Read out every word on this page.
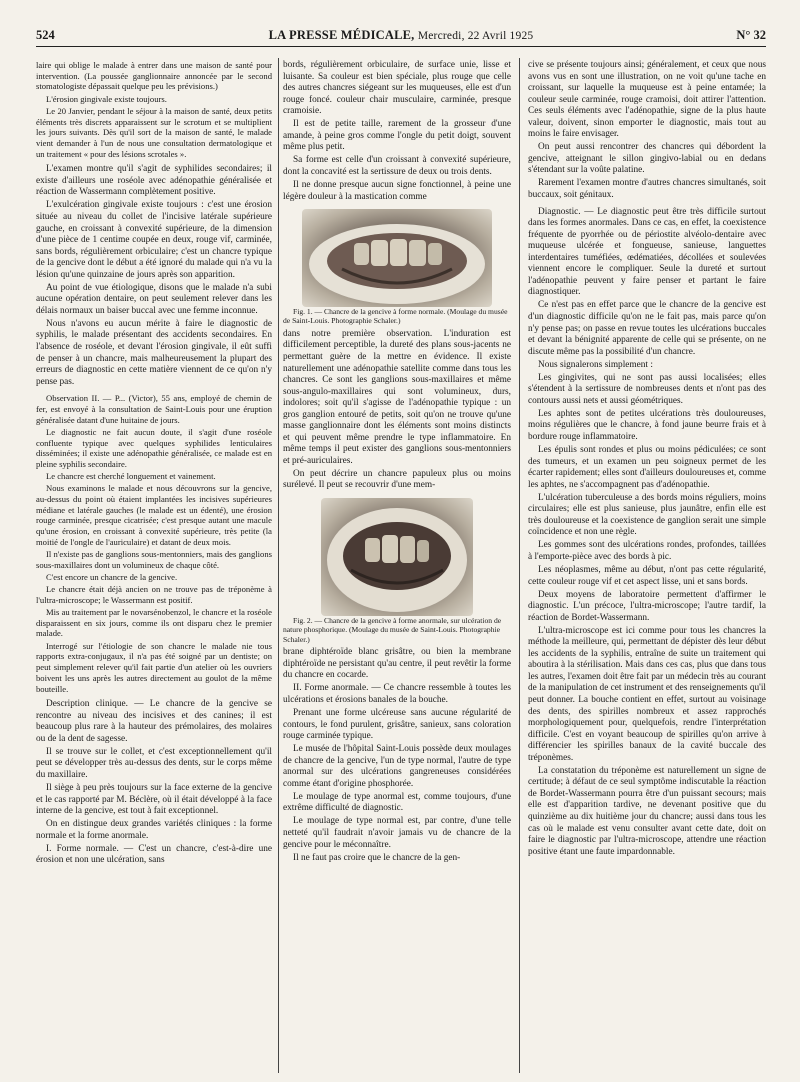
524	LA PRESSE MÉDICALE, Mercredi, 22 Avril 1925	N° 32

laire qui oblige le malade à entrer dans une maison de santé pour intervention. (La poussée ganglionnaire annoncée par le second stomatologiste dépassait quelque peu les prévisions.)

L'érosion gingivale existe toujours.

Le 20 Janvier, pendant le séjour à la maison de santé, deux petits éléments très discrets apparaissent sur le scrotum et se multiplient les jours suivants. Dès qu'il sort de la maison de santé, le malade vient demander à l'un de nous une consultation dermatologique et un traitement « pour des lésions scrotales ».

L'examen montre qu'il s'agit de syphilides secondaires; il existe d'ailleurs une roséole avec adénopathie généralisée et réaction de Wassermann complètement positive.

L'exulcération gingivale existe toujours : c'est une érosion située au niveau du collet de l'incisive latérale supérieure gauche, en croissant à convexité supérieure, de la dimension d'une pièce de 1 centime coupée en deux, rouge vif, carminée, sans bords, régulièrement orbiculaire; c'est un chancre typique de la gencive dont le début a été ignoré du malade qui n'a vu la lésion qu'une quinzaine de jours après son apparition.

Au point de vue étiologique, disons que le malade n'a subi aucune opération dentaire, on peut seulement relever dans les délais normaux un baiser buccal avec une femme inconnue.

Nous n'avons eu aucun mérite à faire le diagnostic de syphilis, le malade présentant des accidents secondaires. En l'absence de roséole, et devant l'érosion gingivale, il eût suffi de penser à un chancre, mais malheureusement la plupart des erreurs de diagnostic en cette matière viennent de ce qu'on n'y pense pas.

Observation II. — P... (Victor), 55 ans, employé de chemin de fer, est envoyé à la consultation de Saint-Louis pour une éruption généralisée datant d'une huitaine de jours.

Le diagnostic ne fait aucun doute, il s'agit d'une roséole confluente typique avec quelques syphilides lenticulaires disséminées; il existe une adénopathie généralisée, ce malade est en pleine syphilis secondaire.

Le chancre est cherché longuement et vainement.

Nous examinons le malade et nous découvrons sur la gencive, au-dessus du point où étaient implantées les incisives supérieures médiane et latérale gauches (le malade est un édenté), une érosion rouge carminée, presque cicatrisée; c'est presque autant une macule qu'une érosion, en croissant à convexité supérieure, très petite (la moitié de l'ongle de l'auriculaire) et datant de deux mois.

Il n'existe pas de ganglions sous-mentonniers, mais des ganglions sous-maxillaires dont un volumineux de chaque côté.

C'est encore un chancre de la gencive.

Le chancre était déjà ancien on ne trouve pas de tréponème à l'ultra-microscope; le Wassermann est positif.

Mis au traitement par le novarsénobenzol, le chancre et la roséole disparaissent en six jours, comme ils ont disparu chez le premier malade.

Interrogé sur l'étiologie de son chancre le malade nie tous rapports extra-conjugaux, il n'a pas été soigné par un dentiste; on peut simplement relever qu'il fait partie d'un atelier où les ouvriers boivent les uns après les autres directement au goulot de la même bouteille.

Description clinique. — Le chancre de la gencive se rencontre au niveau des incisives et des canines; il est beaucoup plus rare à la hauteur des prémolaires, des molaires ou de la dent de sagesse.

Il se trouve sur le collet, et c'est exceptionnellement qu'il peut se développer très au-dessus des dents, sur le corps même du maxillaire.

Il siège à peu près toujours sur la face externe de la gencive et le cas rapporté par M. Béclère, où il était développé à la face interne de la gencive, est tout à fait exceptionnel.

On en distingue deux grandes variétés cliniques : la forme normale et la forme anormale.

I. Forme normale. — C'est un chancre, c'est-à-dire une érosion et non une ulcération, sans

bords, régulièrement orbiculaire, de surface unie, lisse et luisante. Sa couleur est bien spéciale, plus rouge que celle des autres chancres siégeant sur les muqueuses, elle est d'un rouge foncé. couleur chair musculaire, carminée, presque cramoisie.

Il est de petite taille, rarement de la grosseur d'une amande, à peine gros comme l'ongle du petit doigt, souvent même plus petit.

Sa forme est celle d'un croissant à convexité supérieure, dont la concavité est la sertissure de deux ou trois dents.

Il ne donne presque aucun signe fonctionnel, à peine une légère douleur à la mastication comme

Fig. 1. — Chancre de la gencive à forme normale. (Moulage du musée de Saint-Louis. Photographie Schaler.)

dans notre première observation. L'induration est difficilement perceptible, la dureté des plans sous-jacents ne permettant guère de la mettre en évidence. Il existe naturellement une adénopathie satellite comme dans tous les chancres. Ce sont les ganglions sous-maxillaires et même sous-angulo-maxillaires qui sont volumineux, durs, indolores; soit qu'il s'agisse de l'adénopathie typique : un gros ganglion entouré de petits, soit qu'on ne trouve qu'une masse ganglionnaire dont les éléments sont moins distincts et qui peuvent même prendre le type inflammatoire. En même temps il peut exister des ganglions sous-mentonniers et pré-auriculaires.

On peut décrire un chancre papuleux plus ou moins surélevé. Il peut se recouvrir d'une mem-

Fig. 2. — Chancre de la gencive à forme anormale, sur ulcération de nature phosphorique. (Moulage du musée de Saint-Louis. Photographie Schaler.)

brane diphtéroïde blanc grisâtre, ou bien la membrane diphtéroïde ne persistant qu'au centre, il peut revêtir la forme du chancre en cocarde.

II. Forme anormale. — Ce chancre ressemble à toutes les ulcérations et érosions banales de la bouche.

Prenant une forme ulcéreuse sans aucune régularité de contours, le fond purulent, grisâtre, sanieux, sans coloration rouge carminée typique.

Le musée de l'hôpital Saint-Louis possède deux moulages de chancre de la gencive, l'un de type normal, l'autre de type anormal sur des ulcérations gangreneuses considérées comme étant d'origine phosphorée.

Le moulage de type anormal est, comme toujours, d'une extrême difficulté de diagnostic.

Le moulage de type normal est, par contre, d'une telle netteté qu'il faudrait n'avoir jamais vu de chancre de la gencive pour le méconnaître.

Il ne faut pas croire que le chancre de la gen-

cive se présente toujours ainsi; généralement, et ceux que nous avons vus en sont une illustration, on ne voit qu'une tache en croissant, sur laquelle la muqueuse est à peine entamée; la couleur seule carminée, rouge cramoisi, doit attirer l'attention. Ces seuls éléments avec l'adénopathie, signe de la plus haute valeur, doivent, sinon emporter le diagnostic, mais tout au moins le faire envisager.

On peut aussi rencontrer des chancres qui débordent la gencive, atteignant le sillon gingivo-labial ou en dedans s'étendant sur la voûte palatine.

Rarement l'examen montre d'autres chancres simultanés, soit buccaux, soit génitaux.

Diagnostic. — Le diagnostic peut être très difficile surtout dans les formes anormales. Dans ce cas, en effet, la coexistence fréquente de pyorrhée ou de périostite alvéolo-dentaire avec muqueuse ulcérée et fongueuse, sanieuse, languettes interdentaires tuméfiées, œdématiées, décollées et soulevées viennent encore le compliquer. Seule la dureté et surtout l'adénopathie peuvent y faire penser et partant le faire diagnostiquer.

Ce n'est pas en effet parce que le chancre de la gencive est d'un diagnostic difficile qu'on ne le fait pas, mais parce qu'on n'y pense pas; on passe en revue toutes les ulcérations buccales et devant la bénignité apparente de celle qui se présente, on ne discute même pas la possibilité d'un chancre.

Nous signalerons simplement :

Les gingivites, qui ne sont pas aussi localisées; elles s'étendent à la sertissure de nombreuses dents et n'ont pas des contours aussi nets et aussi géométriques.

Les aphtes sont de petites ulcérations très douloureuses, moins régulières que le chancre, à fond jaune beurre frais et à bordure rouge inflammatoire.

Les épulis sont rondes et plus ou moins pédiculées; ce sont des tumeurs, et un examen un peu soigneux permet de les écarter rapidement; elles sont d'ailleurs douloureuses et, comme les aphtes, ne s'accompagnent pas d'adénopathie.

L'ulcération tuberculeuse a des bords moins réguliers, moins circulaires; elle est plus sanieuse, plus jaunâtre, enfin elle est très douloureuse et la coexistence de ganglion serait une simple coïncidence et non une règle.

Les gommes sont des ulcérations rondes, profondes, taillées à l'emporte-pièce avec des bords à pic.

Les néoplasmes, même au début, n'ont pas cette régularité, cette couleur rouge vif et cet aspect lisse, uni et sans bords.

Deux moyens de laboratoire permettent d'affirmer le diagnostic. L'un précoce, l'ultra-microscope; l'autre tardif, la réaction de Bordet-Wassermann.

L'ultra-microscope est ici comme pour tous les chancres la méthode la meilleure, qui, permettant de dépister dès leur début les accidents de la syphilis, entraîne de suite un traitement qui aboutira à la stérilisation. Mais dans ces cas, plus que dans tous les autres, l'examen doit être fait par un médecin très au courant de la manipulation de cet instrument et des renseignements qu'il peut donner. La bouche contient en effet, surtout au voisinage des dents, des spirilles nombreux et assez rapprochés morphologiquement pour, quelquefois, rendre l'interprétation difficile. C'est en voyant beaucoup de spirilles qu'on arrive à différencier les spirilles banaux de la cavité buccale des tréponèmes.

La constatation du tréponème est naturellement un signe de certitude; à défaut de ce seul symptôme indiscutable la réaction de Bordet-Wassermann pourra être d'un puissant secours; mais elle est d'apparition tardive, ne devenant positive que du quinzième au dix huitième jour du chancre; aussi dans tous les cas où le malade est venu consulter avant cette date, doit on faire le diagnostic par l'ultra-microscope, attendre une réaction positive étant une faute impardonnable.
